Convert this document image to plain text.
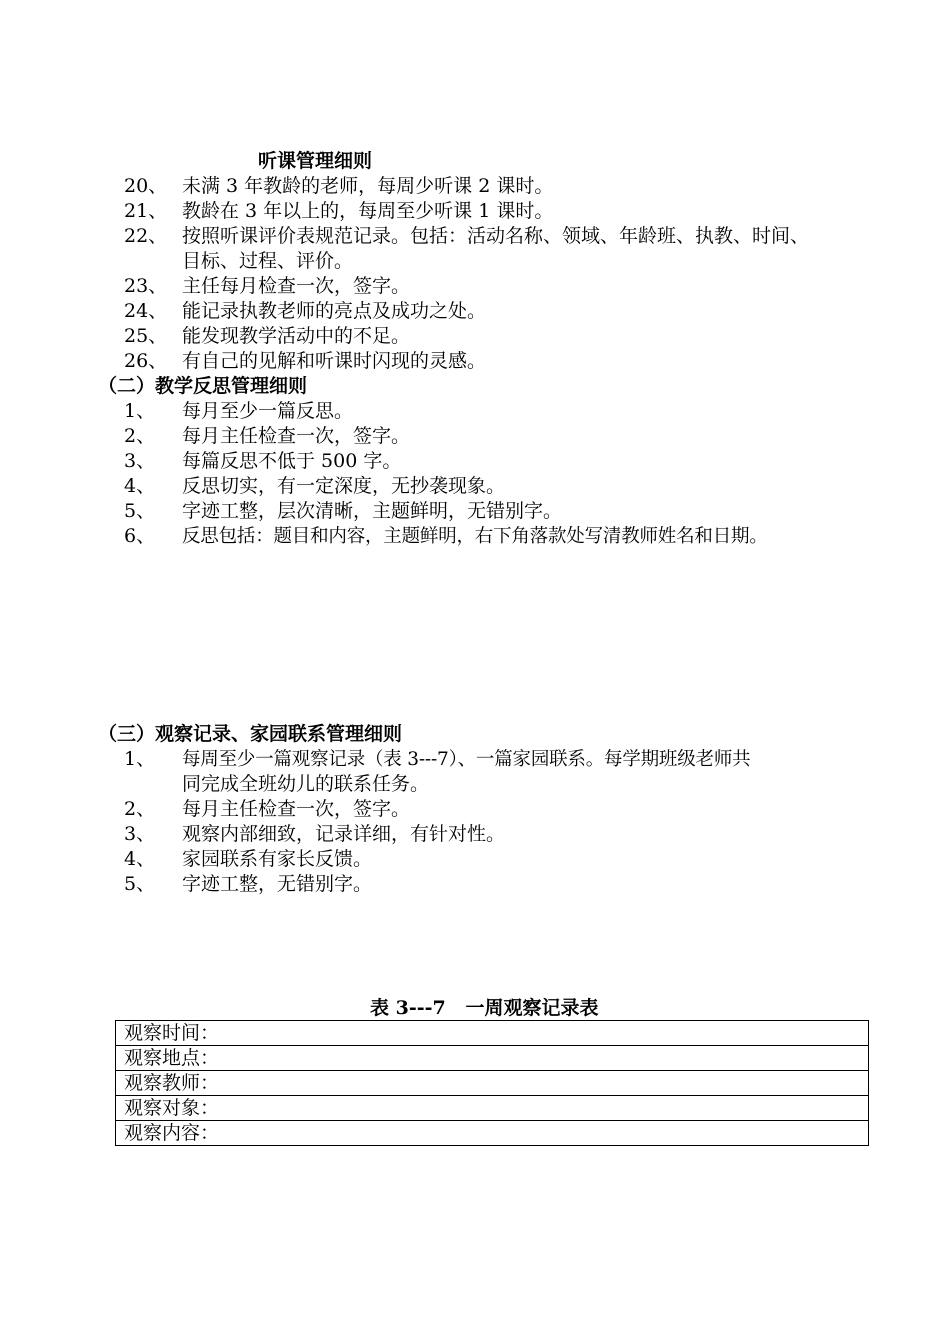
听课管理细则
20、 未满 3 年教龄的老师，每周少听课 2 课时。
21、 教龄在 3 年以上的，每周至少听课 1 课时。
22、 按照听课评价表规范记录。包括：活动名称、领域、年龄班、执教、时间、
目标、过程、评价。
23、 主任每月检查一次，签字。
24、 能记录执教老师的亮点及成功之处。
25、 能发现教学活动中的不足。
26、 有自己的见解和听课时闪现的灵感。
（二）教学反思管理细则
1、 每月至少一篇反思。
2、 每月主任检查一次，签字。
3、 每篇反思不低于 500 字。
4、 反思切实，有一定深度，无抄袭现象。
5、 字迹工整，层次清晰，主题鲜明，无错别字。
6、 反思包括：题目和内容，主题鲜明，右下角落款处写清教师姓名和日期。
（三）观察记录、家园联系管理细则
1、 每周至少一篇观察记录（表 3---7）、一篇家园联系。每学期班级老师共
同完成全班幼儿的联系任务。
2、 每月主任检查一次，签字。
3、 观察内部细致，记录详细，有针对性。
4、 家园联系有家长反馈。
5、 字迹工整，无错别字。
表 3---7   一周观察记录表
观察时间：
观察地点：
观察教师：
观察对象：
观察内容：
